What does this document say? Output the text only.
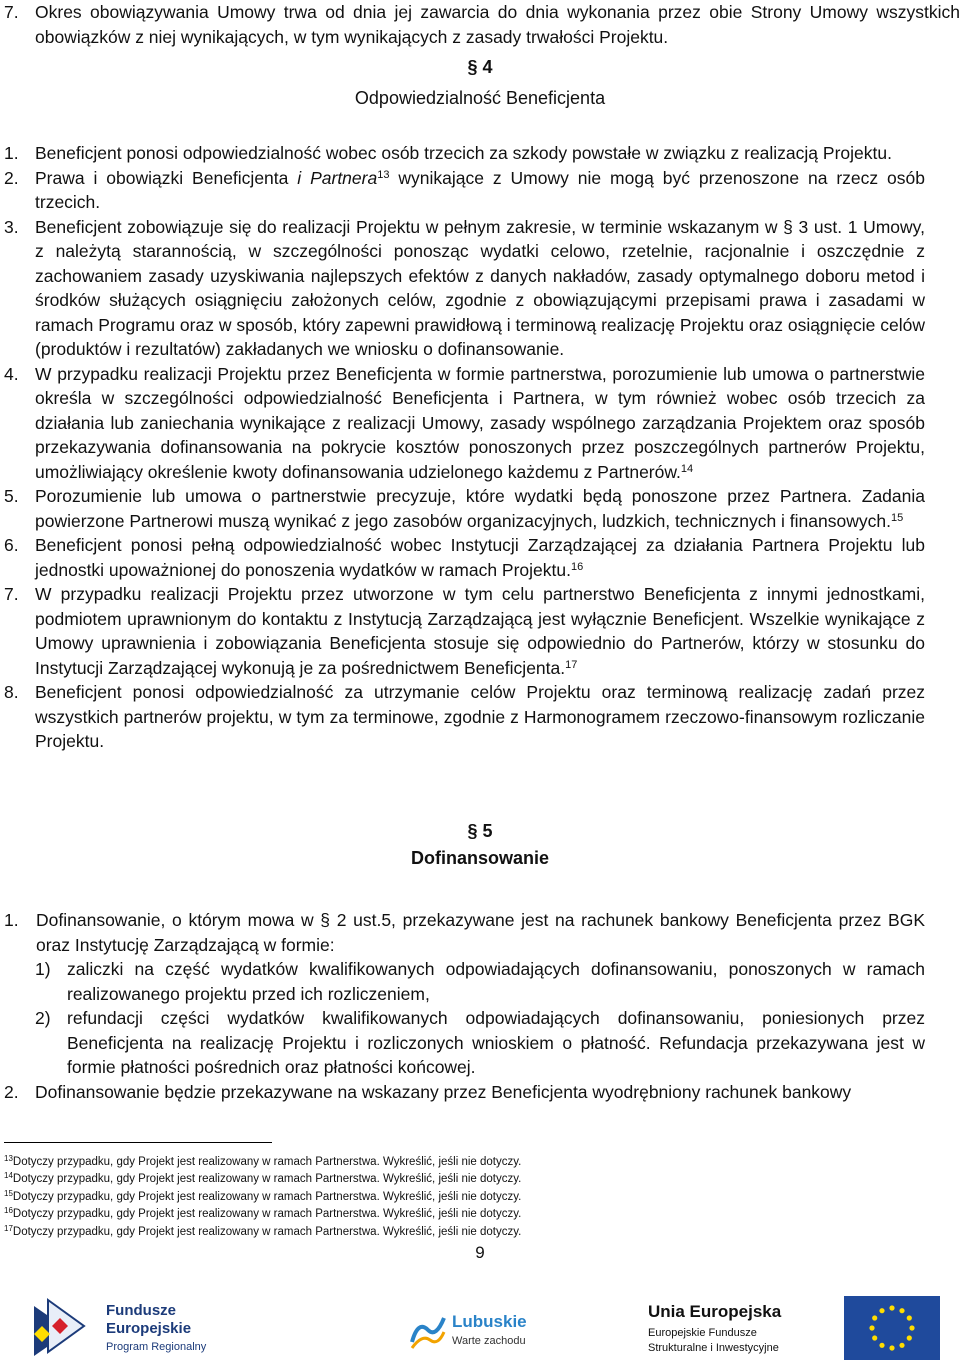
7. Okres obowiązywania Umowy trwa od dnia jej zawarcia do dnia wykonania przez obie Strony Umowy wszystkich obowiązków z niej wynikających, w tym wynikających z zasady trwałości Projektu.
§ 4
Odpowiedzialność Beneficjenta
1. Beneficjent ponosi odpowiedzialność wobec osób trzecich za szkody powstałe w związku z realizacją Projektu.
2. Prawa i obowiązki Beneficjenta i Partnera$^{13}$ wynikające z Umowy nie mogą być przenoszone na rzecz osób trzecich.
3. Beneficjent zobowiązuje się do realizacji Projektu w pełnym zakresie, w terminie wskazanym w § 3 ust. 1 Umowy, z należytą starannością, w szczególności ponosząc wydatki celowo, rzetelnie, racjonalnie i oszczędnie z zachowaniem zasady uzyskiwania najlepszych efektów z danych nakładów, zasady optymalnego doboru metod i środków służących osiągnięciu założonych celów, zgodnie z obowiązującymi przepisami prawa i zasadami w ramach Programu oraz w sposób, który zapewni prawidłową i terminową realizację Projektu oraz osiągnięcie celów (produktów i rezultatów) zakładanych we wniosku o dofinansowanie.
4. W przypadku realizacji Projektu przez Beneficjenta w formie partnerstwa, porozumienie lub umowa o partnerstwie określa w szczególności odpowiedzialność Beneficjenta i Partnera, w tym również wobec osób trzecich za działania lub zaniechania wynikające z realizacji Umowy, zasady wspólnego zarządzania Projektem oraz sposób przekazywania dofinansowania na pokrycie kosztów ponoszonych przez poszczególnych partnerów Projektu, umożliwiający określenie kwoty dofinansowania udzielonego każdemu z Partnerów.$^{14}$
5. Porozumienie lub umowa o partnerstwie precyzuje, które wydatki będą ponoszone przez Partnera. Zadania powierzone Partnerowi muszą wynikać z jego zasobów organizacyjnych, ludzkich, technicznych i finansowych.$^{15}$
6. Beneficjent ponosi pełną odpowiedzialność wobec Instytucji Zarządzającej za działania Partnera Projektu lub jednostki upoważnionej do ponoszenia wydatków w ramach Projektu.$^{16}$
7. W przypadku realizacji Projektu przez utworzone w tym celu partnerstwo Beneficjenta z innymi jednostkami, podmiotem uprawnionym do kontaktu z Instytucją Zarządzającą jest wyłącznie Beneficjent. Wszelkie wynikające z Umowy uprawnienia i zobowiązania Beneficjenta stosuje się odpowiednio do Partnerów, którzy w stosunku do Instytucji Zarządzającej wykonują je za pośrednictwem Beneficjenta.$^{17}$
8. Beneficjent ponosi odpowiedzialność za utrzymanie celów Projektu oraz terminową realizację zadań przez wszystkich partnerów projektu, w tym za terminowe, zgodnie z Harmonogramem rzeczowo-finansowym rozliczanie Projektu.
§ 5
Dofinansowanie
1. Dofinansowanie, o którym mowa w § 2 ust.5, przekazywane jest na rachunek bankowy Beneficjenta przez BGK oraz Instytucję Zarządzającą w formie:
1) zaliczki na część wydatków kwalifikowanych odpowiadających dofinansowaniu, ponoszonych w ramach realizowanego projektu przed ich rozliczeniem,
2) refundacji części wydatków kwalifikowanych odpowiadających dofinansowaniu, poniesionych przez Beneficjenta na realizację Projektu i rozliczonych wnioskiem o płatność. Refundacja przekazywana jest w formie płatności pośrednich oraz płatności końcowej.
2. Dofinansowanie będzie przekazywane na wskazany przez Beneficjenta wyodrębniony rachunek bankowy
$^{13}$Dotyczy przypadku, gdy Projekt jest realizowany w ramach Partnerstwa. Wykreślić, jeśli nie dotyczy.
$^{14}$Dotyczy przypadku, gdy Projekt jest realizowany w ramach Partnerstwa. Wykreślić, jeśli nie dotyczy.
$^{15}$Dotyczy przypadku, gdy Projekt jest realizowany w ramach Partnerstwa. Wykreślić, jeśli nie dotyczy.
$^{16}$Dotyczy przypadku, gdy Projekt jest realizowany w ramach Partnerstwa. Wykreślić, jeśli nie dotyczy.
$^{17}$Dotyczy przypadku, gdy Projekt jest realizowany w ramach Partnerstwa. Wykreślić, jeśli nie dotyczy.
9
Fundusze
Europejskie
Program Regionalny
Lubuskie
Warte zachodu
Unia Europejska
Europejskie Fundusze
Strukturalne i Inwestycyjne
